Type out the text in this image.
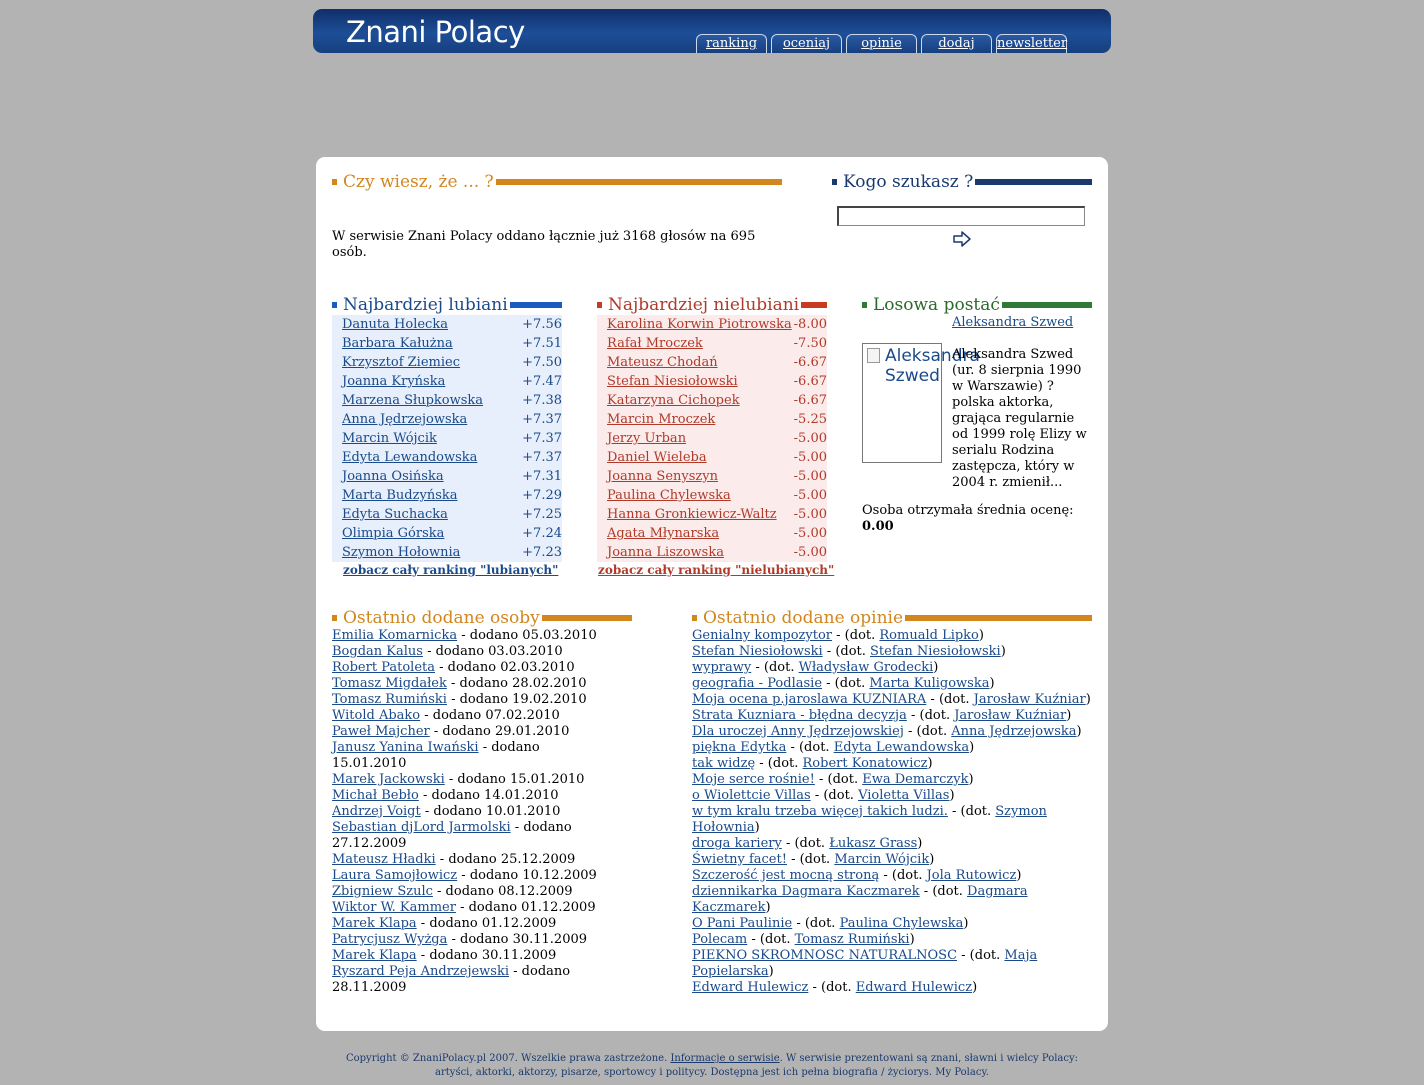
Znani Polacy	ranking	oceniaj	opinie	dodaj	newsletter
Czy wiesz, że ... ?
W serwisie Znani Polacy oddano łącznie już 3168 głosów na 695 osób.
Kogo szukasz ?
Najbardziej lubiani
Danuta Holecka	+7.56
Barbara Kałużna	+7.51
Krzysztof Ziemiec	+7.50
Joanna Kryńska	+7.47
Marzena Słupkowska	+7.38
Anna Jędrzejowska	+7.37
Marcin Wójcik	+7.37
Edyta Lewandowska	+7.37
Joanna Osińska	+7.31
Marta Budzyńska	+7.29
Edyta Suchacka	+7.25
Olimpia Górska	+7.24
Szymon Hołownia	+7.23
zobacz cały ranking "lubianych"
Najbardziej nielubiani
Karolina Korwin Piotrowska -8.00
Rafał Mroczek	-7.50
Mateusz Chodań	-6.67
Stefan Niesiołowski	-6.67
Katarzyna Cichopek	-6.67
Marcin Mroczek	-5.25
Jerzy Urban	-5.00
Daniel Wieleba	-5.00
Joanna Senyszyn	-5.00
Paulina Chylewska	-5.00
Hanna Gronkiewicz-Waltz -5.00
Agata Młynarska	-5.00
Joanna Liszowska	-5.00
zobacz cały ranking "nielubianych"
Losowa postać
Aleksandra Szwed
Aleksandra Szwed
Aleksandra Szwed (ur. 8 sierpnia 1990 w Warszawie) ? polska aktorka, grająca regularnie od 1999 rolę Elizy w serialu Rodzina zastępcza, który w 2004 r. zmienił...
Osoba otrzymała średnia ocenę:
0.00
Ostatnio dodane osoby
Emilia Komarnicka - dodano 05.03.2010
Bogdan Kalus - dodano 03.03.2010
Robert Patoleta - dodano 02.03.2010
Tomasz Migdałek - dodano 28.02.2010
Tomasz Rumiński - dodano 19.02.2010
Witold Abako - dodano 07.02.2010
Paweł Majcher - dodano 29.01.2010
Janusz Yanina Iwański - dodano 15.01.2010
Marek Jackowski - dodano 15.01.2010
Michał Bebło - dodano 14.01.2010
Andrzej Voigt - dodano 10.01.2010
Sebastian djLord Jarmolski - dodano 27.12.2009
Mateusz Hładki - dodano 25.12.2009
Laura Samojłowicz - dodano 10.12.2009
Zbigniew Szulc - dodano 08.12.2009
Wiktor W. Kammer - dodano 01.12.2009
Marek Klapa - dodano 01.12.2009
Patrycjusz Wyżga - dodano 30.11.2009
Marek Klapa - dodano 30.11.2009
Ryszard Peja Andrzejewski - dodano 28.11.2009
Ostatnio dodane opinie
Genialny kompozytor - (dot. Romuald Lipko)
Stefan Niesiołowski - (dot. Stefan Niesiołowski)
wyprawy - (dot. Władysław Grodecki)
geografia - Podlasie - (dot. Marta Kuligowska)
Moja ocena p.jaroslawa KUZNIARA - (dot. Jarosław Kuźniar)
Strata Kuzniara - błędna decyzja - (dot. Jarosław Kuźniar)
Dla uroczej Anny Jędrzejowskiej - (dot. Anna Jędrzejowska)
piękna Edytka - (dot. Edyta Lewandowska)
tak widzę - (dot. Robert Konatowicz)
Moje serce rośnie! - (dot. Ewa Demarczyk)
o Wiolettcie Villas - (dot. Violetta Villas)
w tym kralu trzeba więcej takich ludzi. - (dot. Szymon Hołownia)
droga kariery - (dot. Łukasz Grass)
Świetny facet! - (dot. Marcin Wójcik)
Szczerość jest mocną stroną - (dot. Jola Rutowicz)
dziennikarka Dagmara Kaczmarek - (dot. Dagmara Kaczmarek)
O Pani Paulinie - (dot. Paulina Chylewska)
Polecam - (dot. Tomasz Rumiński)
PIEKNO SKROMNOSC NATURALNOSC - (dot. Maja Popielarska)
Edward Hulewicz - (dot. Edward Hulewicz)
Copyright © ZnaniPolacy.pl 2007. Wszelkie prawa zastrzeżone. Informacje o serwisie. W serwisie prezentowani są znani, sławni i wielcy Polacy: artyści, aktorki, aktorzy, pisarze, sportowcy i politycy. Dostępna jest ich pełna biografia / życiorys. My Polacy.
